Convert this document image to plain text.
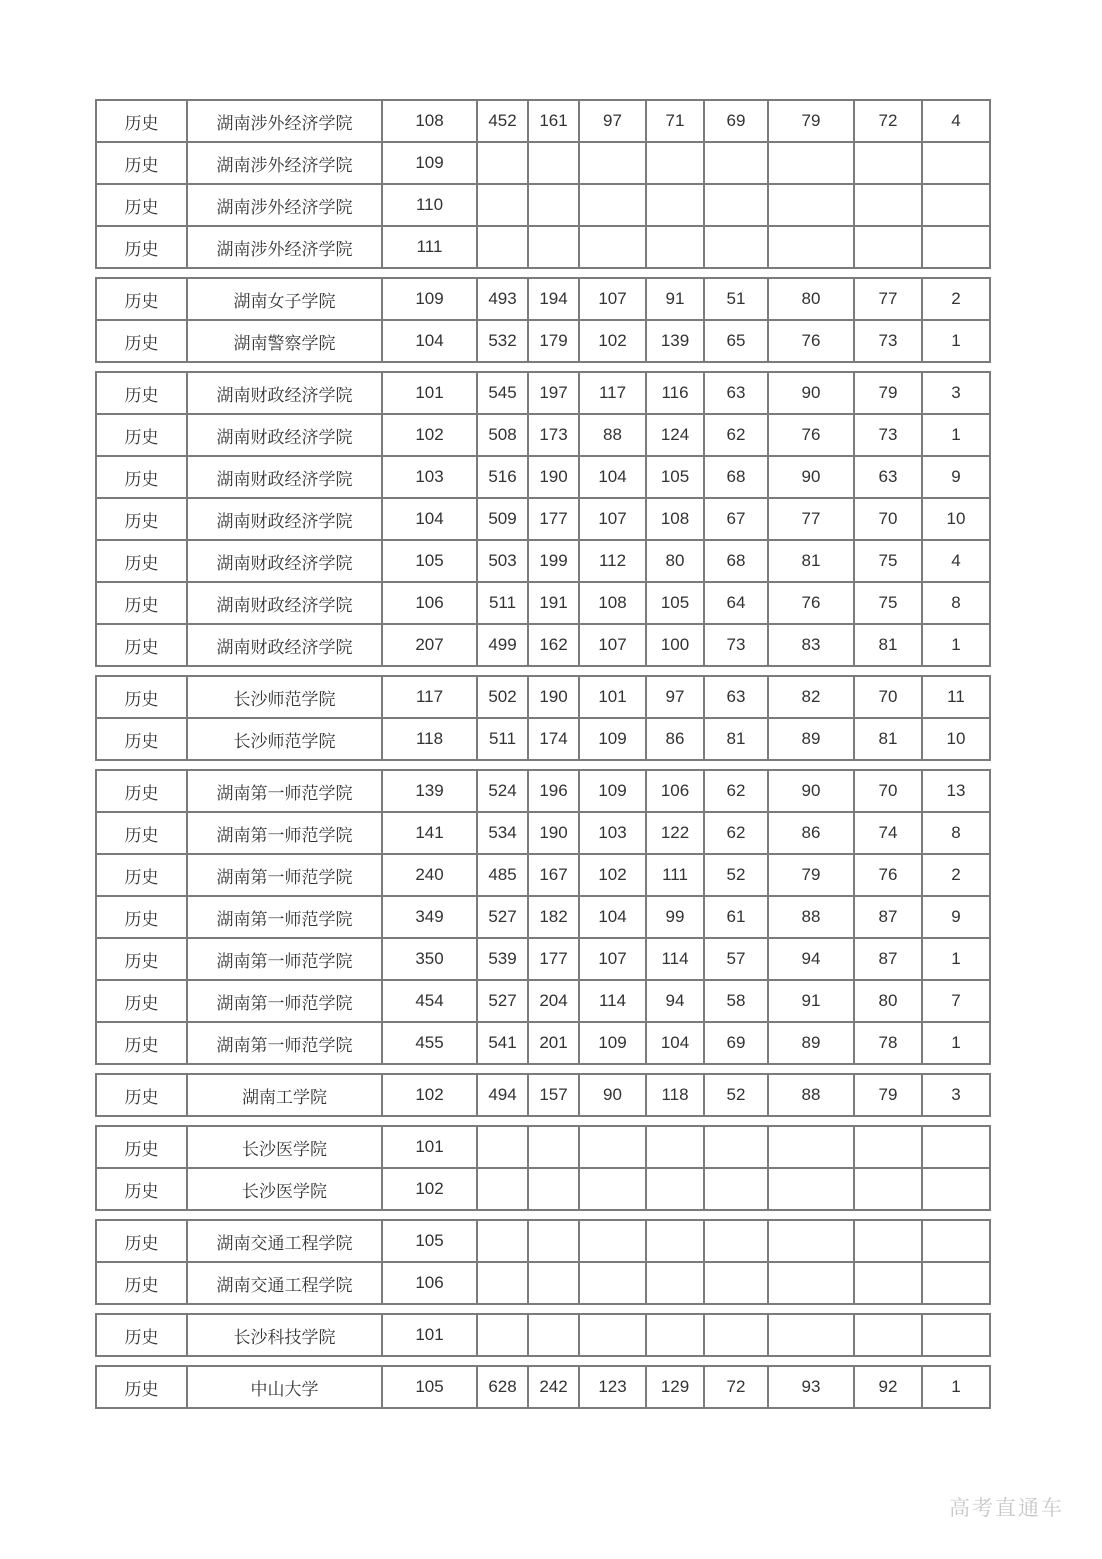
历史	湖南涉外经济学院	108	452	161	97	71	69	79	72	4
历史	湖南涉外经济学院	109								
历史	湖南涉外经济学院	110								
历史	湖南涉外经济学院	111								
历史	湖南女子学院	109	493	194	107	91	51	80	77	2
历史	湖南警察学院	104	532	179	102	139	65	76	73	1
历史	湖南财政经济学院	101	545	197	117	116	63	90	79	3
历史	湖南财政经济学院	102	508	173	88	124	62	76	73	1
历史	湖南财政经济学院	103	516	190	104	105	68	90	63	9
历史	湖南财政经济学院	104	509	177	107	108	67	77	70	10
历史	湖南财政经济学院	105	503	199	112	80	68	81	75	4
历史	湖南财政经济学院	106	511	191	108	105	64	76	75	8
历史	湖南财政经济学院	207	499	162	107	100	73	83	81	1
历史	长沙师范学院	117	502	190	101	97	63	82	70	11
历史	长沙师范学院	118	511	174	109	86	81	89	81	10
历史	湖南第一师范学院	139	524	196	109	106	62	90	70	13
历史	湖南第一师范学院	141	534	190	103	122	62	86	74	8
历史	湖南第一师范学院	240	485	167	102	111	52	79	76	2
历史	湖南第一师范学院	349	527	182	104	99	61	88	87	9
历史	湖南第一师范学院	350	539	177	107	114	57	94	87	1
历史	湖南第一师范学院	454	527	204	114	94	58	91	80	7
历史	湖南第一师范学院	455	541	201	109	104	69	89	78	1
历史	湖南工学院	102	494	157	90	118	52	88	79	3
历史	长沙医学院	101								
历史	长沙医学院	102								
历史	湖南交通工程学院	105								
历史	湖南交通工程学院	106								
历史	长沙科技学院	101								
历史	中山大学	105	628	242	123	129	72	93	92	1
高考直通车
